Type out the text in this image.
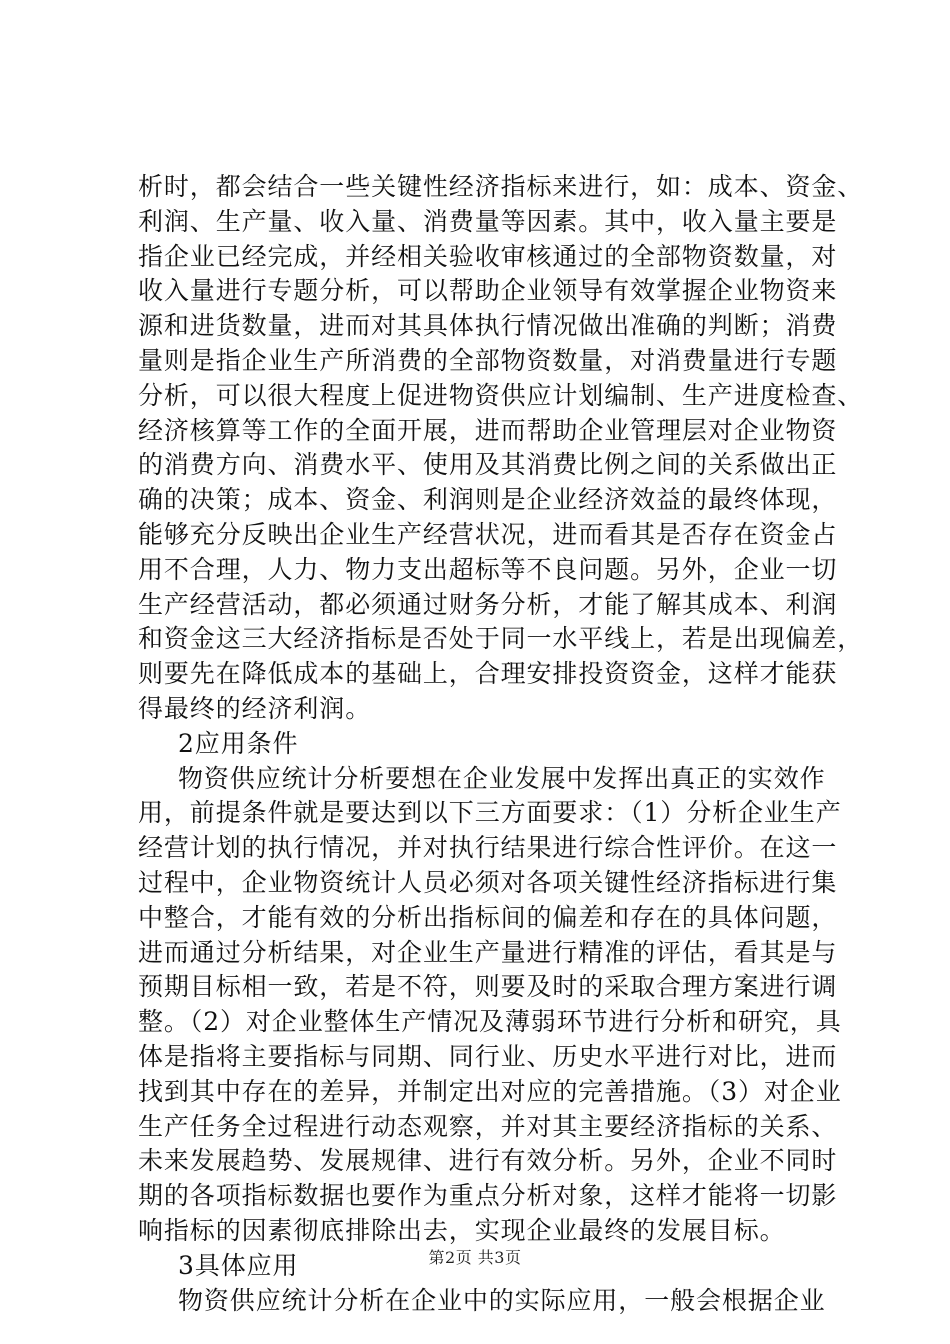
析时，都会结合一些关键性经济指标来进行，如：成本、资金、
利润、生产量、收入量、消费量等因素。其中，收入量主要是
指企业已经完成，并经相关验收审核通过的全部物资数量，对
收入量进行专题分析，可以帮助企业领导有效掌握企业物资来
源和进货数量，进而对其具体执行情况做出准确的判断；消费
量则是指企业生产所消费的全部物资数量，对消费量进行专题
分析，可以很大程度上促进物资供应计划编制、生产进度检查、
经济核算等工作的全面开展，进而帮助企业管理层对企业物资
的消费方向、消费水平、使用及其消费比例之间的关系做出正
确的决策；成本、资金、利润则是企业经济效益的最终体现，
能够充分反映出企业生产经营状况，进而看其是否存在资金占
用不合理，人力、物力支出超标等不良问题。另外，企业一切
生产经营活动，都必须通过财务分析，才能了解其成本、利润
和资金这三大经济指标是否处于同一水平线上，若是出现偏差，
则要先在降低成本的基础上，合理安排投资资金，这样才能获
得最终的经济利润。
2应用条件
物资供应统计分析要想在企业发展中发挥出真正的实效作
用，前提条件就是要达到以下三方面要求：（1）分析企业生产
经营计划的执行情况，并对执行结果进行综合性评价。在这一
过程中，企业物资统计人员必须对各项关键性经济指标进行集
中整合，才能有效的分析出指标间的偏差和存在的具体问题，
进而通过分析结果，对企业生产量进行精准的评估，看其是与
预期目标相一致，若是不符，则要及时的采取合理方案进行调
整。（2）对企业整体生产情况及薄弱环节进行分析和研究，具
体是指将主要指标与同期、同行业、历史水平进行对比，进而
找到其中存在的差异，并制定出对应的完善措施。（3）对企业
生产任务全过程进行动态观察，并对其主要经济指标的关系、
未来发展趋势、发展规律、进行有效分析。另外，企业不同时
期的各项指标数据也要作为重点分析对象，这样才能将一切影
响指标的因素彻底排除出去，实现企业最终的发展目标。
3具体应用
物资供应统计分析在企业中的实际应用，一般会根据企业
第2页 共3页
